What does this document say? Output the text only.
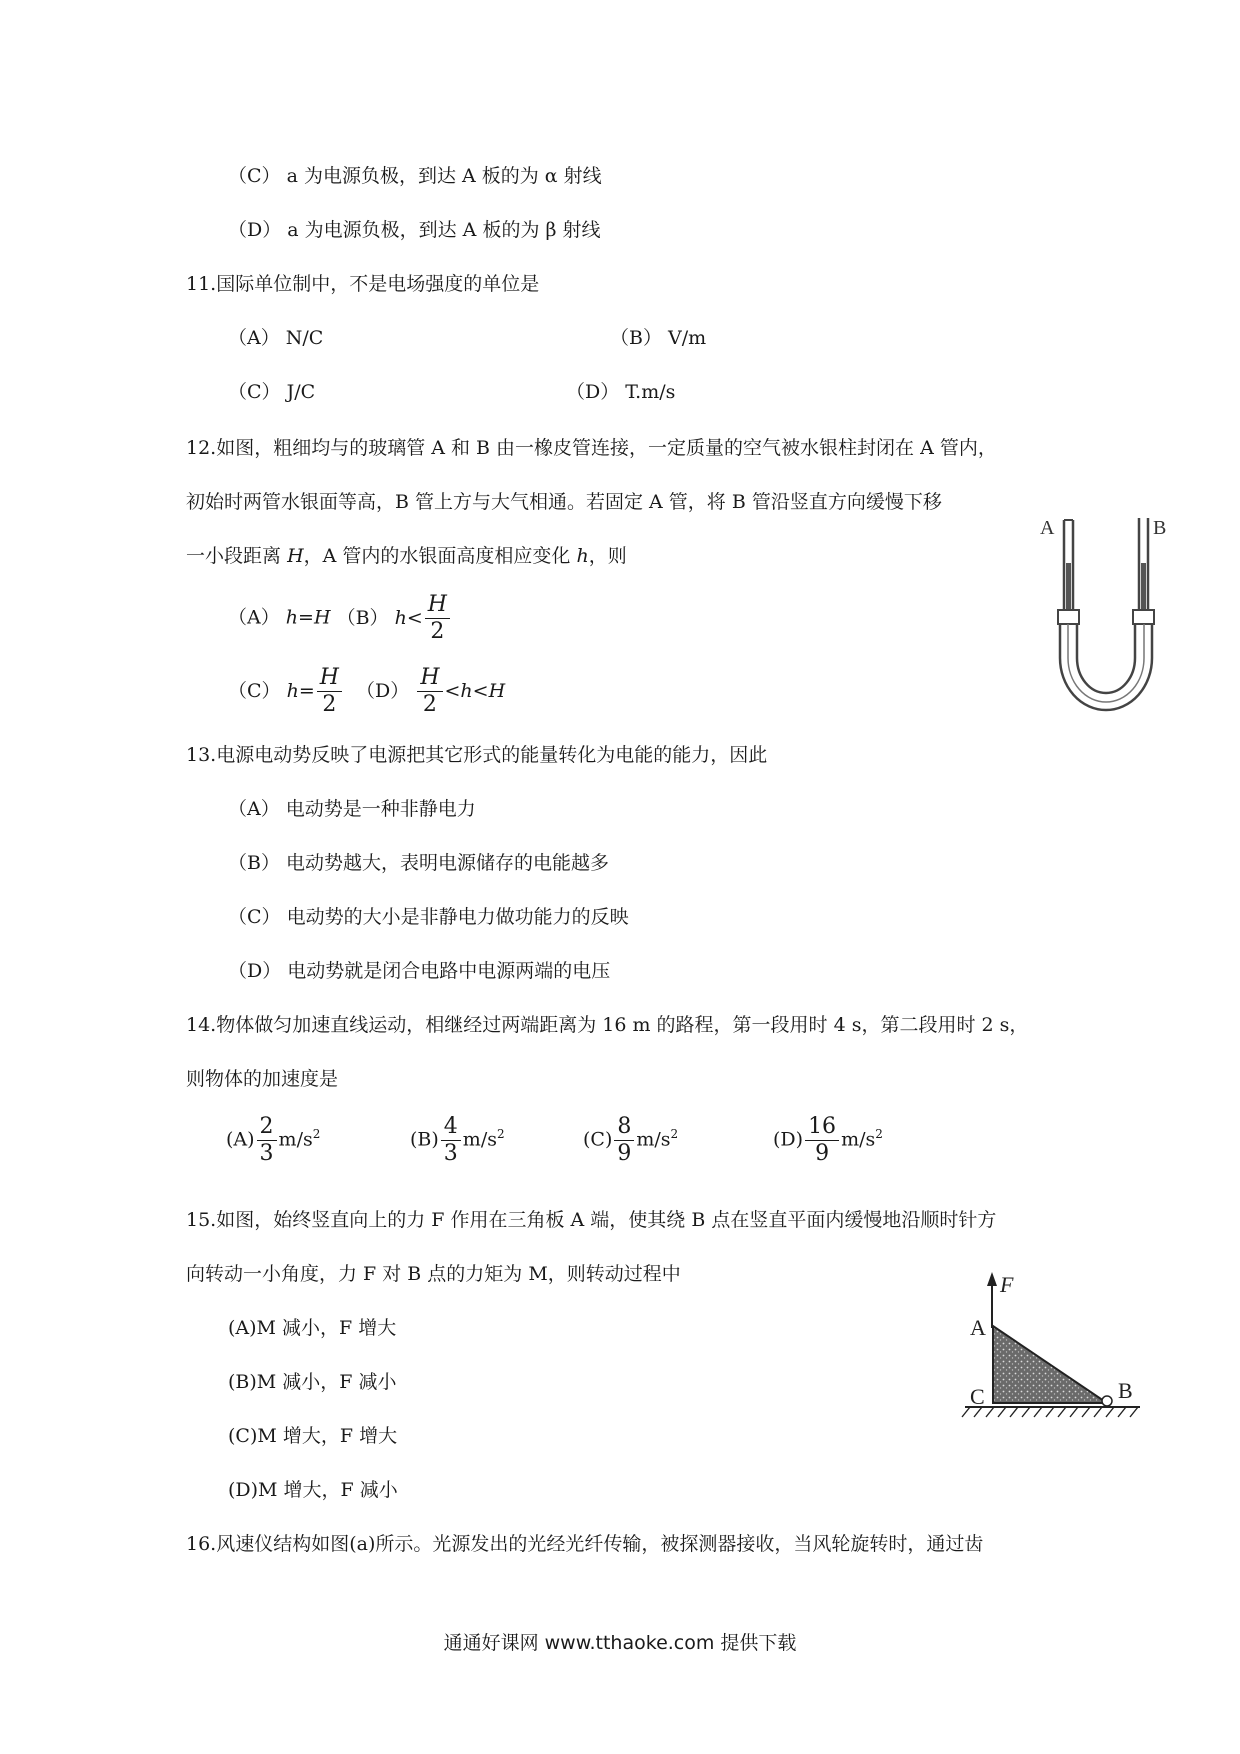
（C） a 为电源负极，到达 A 板的为 α 射线
（D） a 为电源负极，到达 A 板的为 β 射线
11.国际单位制中，不是电场强度的单位是
（A） N/C	（B） V/m
（C） J/C	（D） T.m/s
12.如图，粗细均与的玻璃管 A 和 B 由一橡皮管连接，一定质量的空气被水银柱封闭在 A 管内，
初始时两管水银面等高，B 管上方与大气相通。若固定 A 管，将 B 管沿竖直方向缓慢下移
一小段距离 H，A 管内的水银面高度相应变化 h，则
（A） h=H （B） $h< \frac{H}{2}$
（C） $h= \frac{H}{2} (D) \frac{H}{2} <h<H$
A	B
13.电源电动势反映了电源把其它形式的能量转化为电能的能力，因此
（A） 电动势是一种非静电力
（B） 电动势越大，表明电源储存的电能越多
（C） 电动势的大小是非静电力做功能力的反映
（D） 电动势就是闭合电路中电源两端的电压
14.物体做匀加速直线运动，相继经过两端距离为 16 m 的路程，第一段用时 4 s，第二段用时 2 s，
则物体的加速度是
$(A) \frac{2}{3} m/s^2$	$(B) \frac{4}{3} m/s^2$	$(C) \frac{8}{9} m/s^2$	$(D) \frac{16}{9} m/s^2$
15.如图，始终竖直向上的力 F 作用在三角板 A 端，使其绕 B 点在竖直平面内缓慢地沿顺时针方
向转动一小角度，力 F 对 B 点的力矩为 M，则转动过程中
(A)M 减小，F 增大
(B)M 减小，F 减小
(C)M 增大，F 增大
(D)M 增大，F 减小
F
A
C	B
16.风速仪结构如图(a)所示。光源发出的光经光纤传输，被探测器接收，当风轮旋转时，通过齿
通通好课网 www.tthaoke.com 提供下载
